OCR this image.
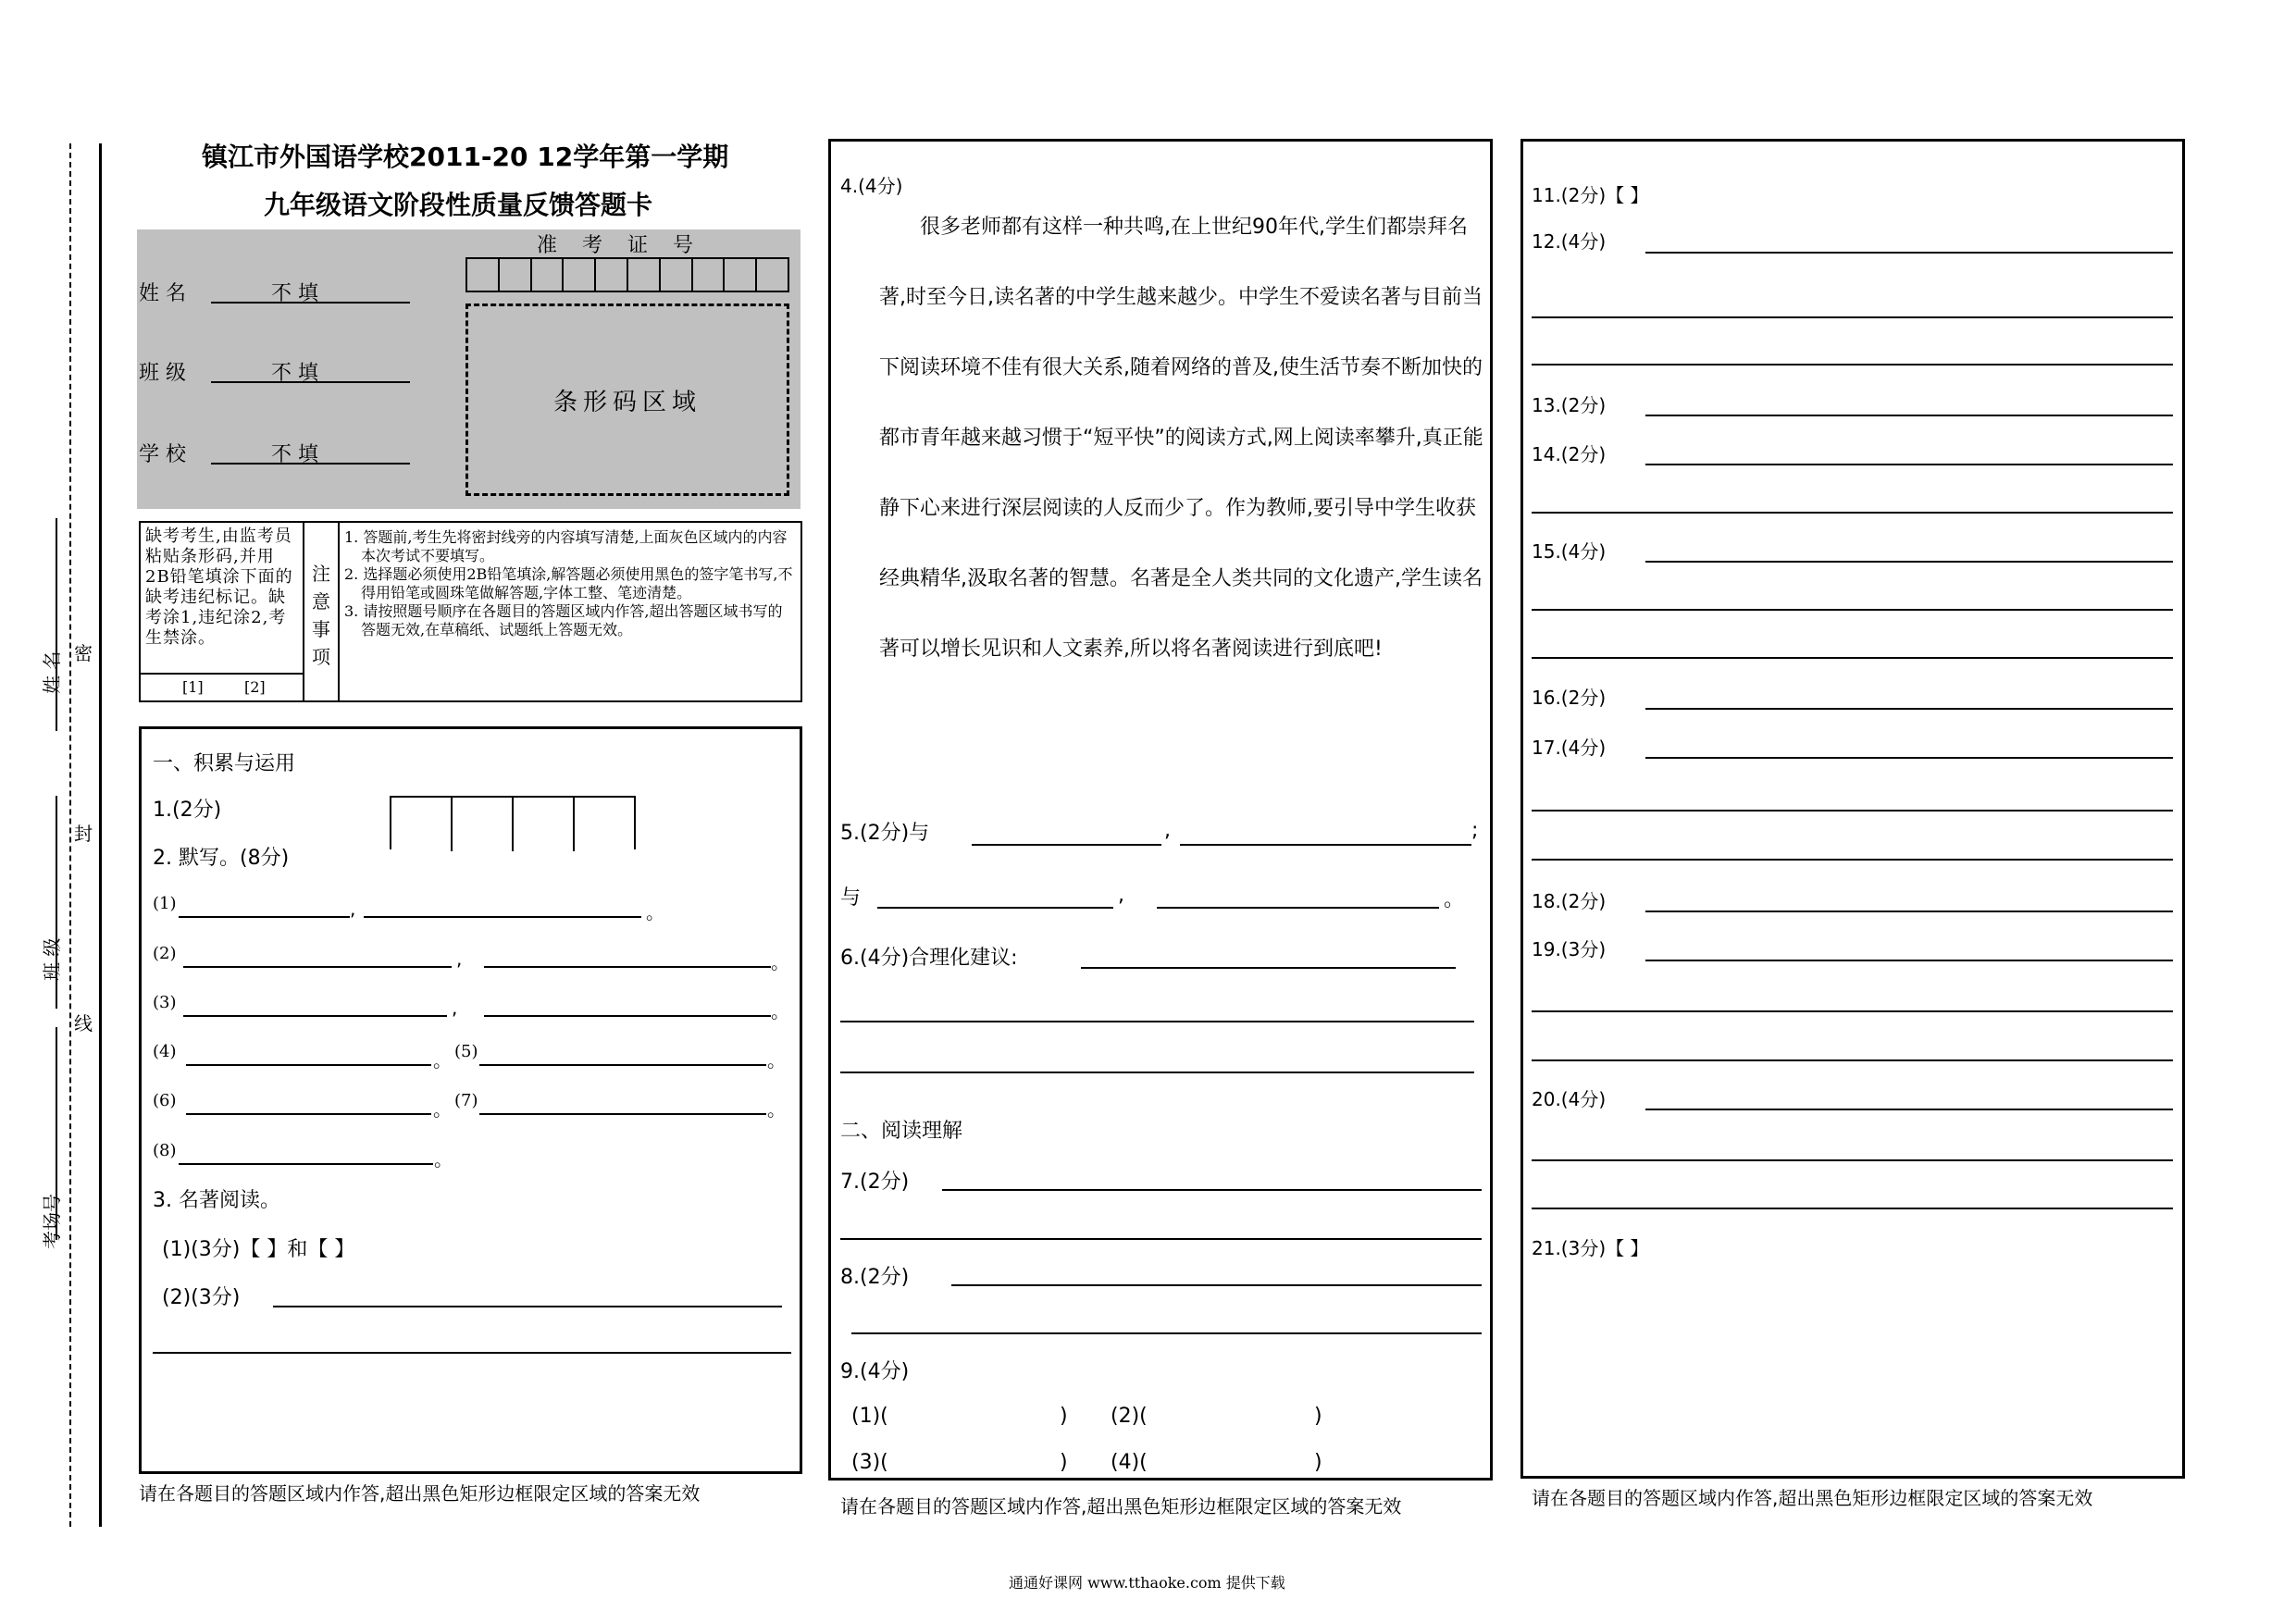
姓 名
班 级
考场号
密
封
线
镇江市外国语学校2011-20 12学年第一学期
九年级语文阶段性质量反馈答题卡
姓 名	不 填
班 级	不 填
学 校	不 填
准 考 证 号
条形码区域
缺考考生,由监考员粘贴条形码,并用2B铅笔填涂下面的缺考违纪标记。缺考涂1,违纪涂2,考生禁涂。
[1]	[2]
注意事项
1. 答题前,考生先将密封线旁的内容填写清楚,上面灰色区域内的内容本次考试不要填写。
2. 选择题必须使用2B铅笔填涂,解答题必须使用黑色的签字笔书写,不得用铅笔或圆珠笔做解答题,字体工整、笔迹清楚。
3. 请按照题号顺序在各题目的答题区域内作答,超出答题区域书写的答题无效,在草稿纸、试题纸上答题无效。
一、积累与运用
1.(2分)
2. 默写。(8分)
(1)	,	。
(2)	,	。
(3)	,	。
(4)	。 (5)	。
(6)	。 (7)	。
(8)	。
3. 名著阅读。
(1)(3分)【 】和【 】
(2)(3分)
请在各题目的答题区域内作答,超出黑色矩形边框限定区域的答案无效
4.(4分)

很多老师都有这样一种共鸣,在上世纪90年代,学生们都崇拜名著,时至今日,读名著的中学生越来越少。中学生不爱读名著与目前当下阅读环境不佳有很大关系,随着网络的普及,使生活节奏不断加快的都市青年越来越习惯于“短平快”的阅读方式,网上阅读率攀升,真正能静下心来进行深层阅读的人反而少了。作为教师,要引导中学生收获经典精华,汲取名著的智慧。名著是全人类共同的文化遗产,学生读名著可以增长见识和人文素养,所以将名著阅读进行到底吧!

5.(2分)与	,	;
与	,	。
6.(4分)合理化建议:
二、阅读理解
7.(2分)
8.(2分)
9.(4分)
(1)(	) (2)(	)
(3)(	) (4)(	)
请在各题目的答题区域内作答,超出黑色矩形边框限定区域的答案无效
11.(2分)【 】
12.(4分)
13.(2分)
14.(2分)
15.(4分)
16.(2分)
17.(4分)
18.(2分)
19.(3分)
20.(4分)
21.(3分)【 】
请在各题目的答题区域内作答,超出黑色矩形边框限定区域的答案无效
通通好课网 www.tthaoke.com 提供下载
